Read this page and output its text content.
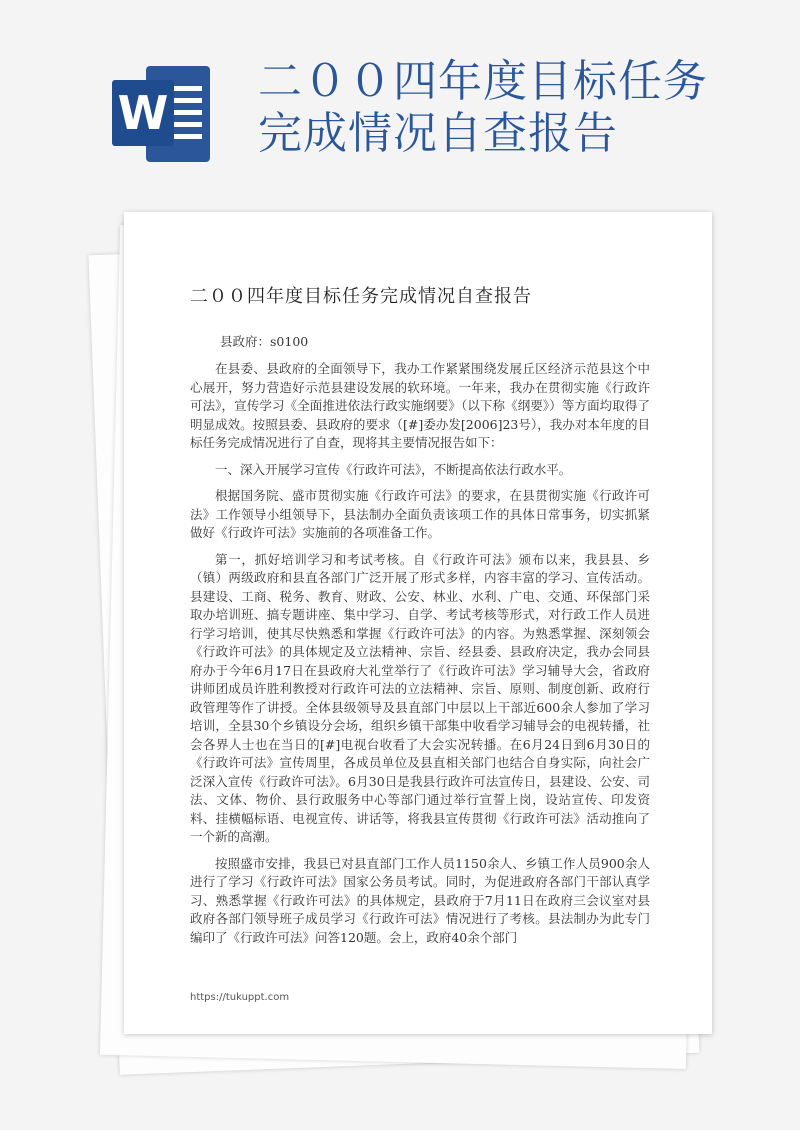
W
二００四年度目标任务
完成情况自查报告
二００四年度目标任务完成情况自查报告
县政府：s0100

在县委、县政府的全面领导下，我办工作紧紧围绕发展丘区经济示范县这个中心展开，努力营造好示范县建设发展的软环境。一年来，我办在贯彻实施《行政许可法》，宣传学习《全面推进依法行政实施纲要》（以下称《纲要》）等方面均取得了明显成效。按照县委、县政府的要求（[#]委办发[2006]23号），我办对本年度的目标任务完成情况进行了自查，现将其主要情况报告如下：

一、深入开展学习宣传《行政许可法》，不断提高依法行政水平。

根据国务院、盛市贯彻实施《行政许可法》的要求，在县贯彻实施《行政许可法》工作领导小组领导下，县法制办全面负责该项工作的具体日常事务，切实抓紧做好《行政许可法》实施前的各项准备工作。

第一，抓好培训学习和考试考核。自《行政许可法》颁布以来，我县县、乡（镇）两级政府和县直各部门广泛开展了形式多样，内容丰富的学习、宣传活动。县建设、工商、税务、教育、财政、公安、林业、水利、广电、交通、环保部门采取办培训班、搞专题讲座、集中学习、自学、考试考核等形式，对行政工作人员进行学习培训，使其尽快熟悉和掌握《行政许可法》的内容。为熟悉掌握、深刻领会《行政许可法》的具体规定及立法精神、宗旨、经县委、县政府决定，我办会同县府办于今年6月17日在县政府大礼堂举行了《行政许可法》学习辅导大会，省政府讲师团成员许胜利教授对行政许可法的立法精神、宗旨、原则、制度创新、政府行政管理等作了讲授。全体县级领导及县直部门中层以上干部近600余人参加了学习培训，全县30个乡镇设分会场，组织乡镇干部集中收看学习辅导会的电视转播，社会各界人士也在当日的[#]电视台收看了大会实况转播。在6月24日到6月30日的《行政许可法》宣传周里，各成员单位及县直相关部门也结合自身实际，向社会广泛深入宣传《行政许可法》。6月30日是我县行政许可法宣传日，县建设、公安、司法、文体、物价、县行政服务中心等部门通过举行宣誓上岗，设站宣传、印发资料、挂横幅标语、电视宣传、讲话等，将我县宣传贯彻《行政许可法》活动推向了一个新的高潮。

按照盛市安排，我县已对县直部门工作人员1150余人、乡镇工作人员900余人进行了学习《行政许可法》国家公务员考试。同时，为促进政府各部门干部认真学习、熟悉掌握《行政许可法》的具体规定，县政府于7月11日在政府三会议室对县政府各部门领导班子成员学习《行政许可法》情况进行了考核。县法制办为此专门编印了《行政许可法》问答120题。会上，政府40余个部门

https://tukuppt.com
